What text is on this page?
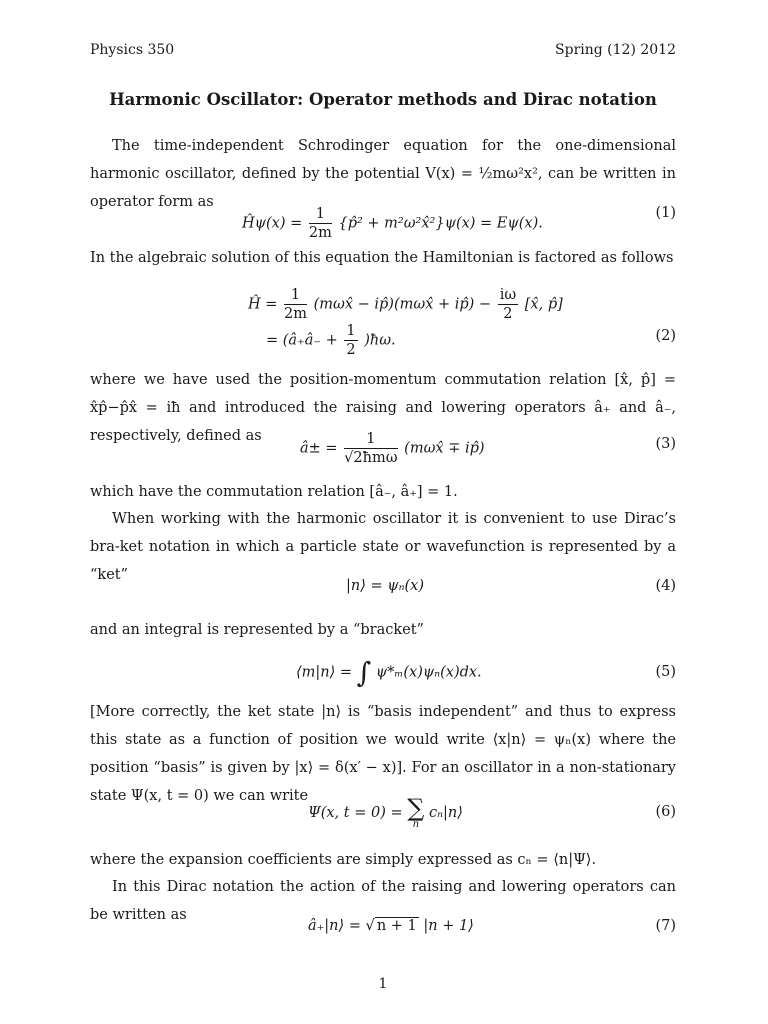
Physics 350	Spring (12) 2012
Harmonic Oscillator: Operator methods and Dirac notation
The time-independent Schrodinger equation for the one-dimensional harmonic oscillator, defined by the potential V(x) = ½mω²x², can be written in operator form as
Ĥψ(x) = $\frac{1}{2m}$ {p̂² + m²ω²x̂²}ψ(x) = Eψ(x).
(1)
In the algebraic solution of this equation the Hamiltonian is factored as follows
Ĥ = $\frac{1}{2m}$ (mωx̂ − ip̂)(mωx̂ + ip̂) − $\frac{i\omega}{2}$ [x̂, p̂]
= (â₊â₋ + $\frac{1}{2}$ )ħω.	(2)
where we have used the position-momentum commutation relation [x̂, p̂] = x̂p̂−p̂x̂ = iħ and introduced the raising and lowering operators â₊ and â₋, respectively, defined as
â± = $\frac{1}{\text{√2ħmω}}$ (mωx̂ ∓ ip̂)	(3)
which have the commutation relation [â₋, â₊] = 1.
When working with the harmonic oscillator it is convenient to use Dirac’s bra-ket notation in which a particle state or wavefunction is represented by a “ket”
|n⟩ = ψₙ(x)	(4)
and an integral is represented by a “bracket”
⟨m|n⟩ = ∫ ψ*ₘ(x)ψₙ(x)dx.	(5)
[More correctly, the ket state |n⟩ is “basis independent” and thus to express this state as a function of position we would write ⟨x|n⟩ = ψₙ(x) where the position “basis” is given by |x⟩ = δ(x′ − x)]. For an oscillator in a non-stationary state Ψ(x, t = 0) we can write
Ψ(x, t = 0) = ∑
n
cₙ|n⟩	(6)
where the expansion coefficients are simply expressed as cₙ = ⟨n|Ψ⟩.
In this Dirac notation the action of the raising and lowering operators can be written as
â₊|n⟩ = √ n + 1 |n + 1⟩	(7)
1
